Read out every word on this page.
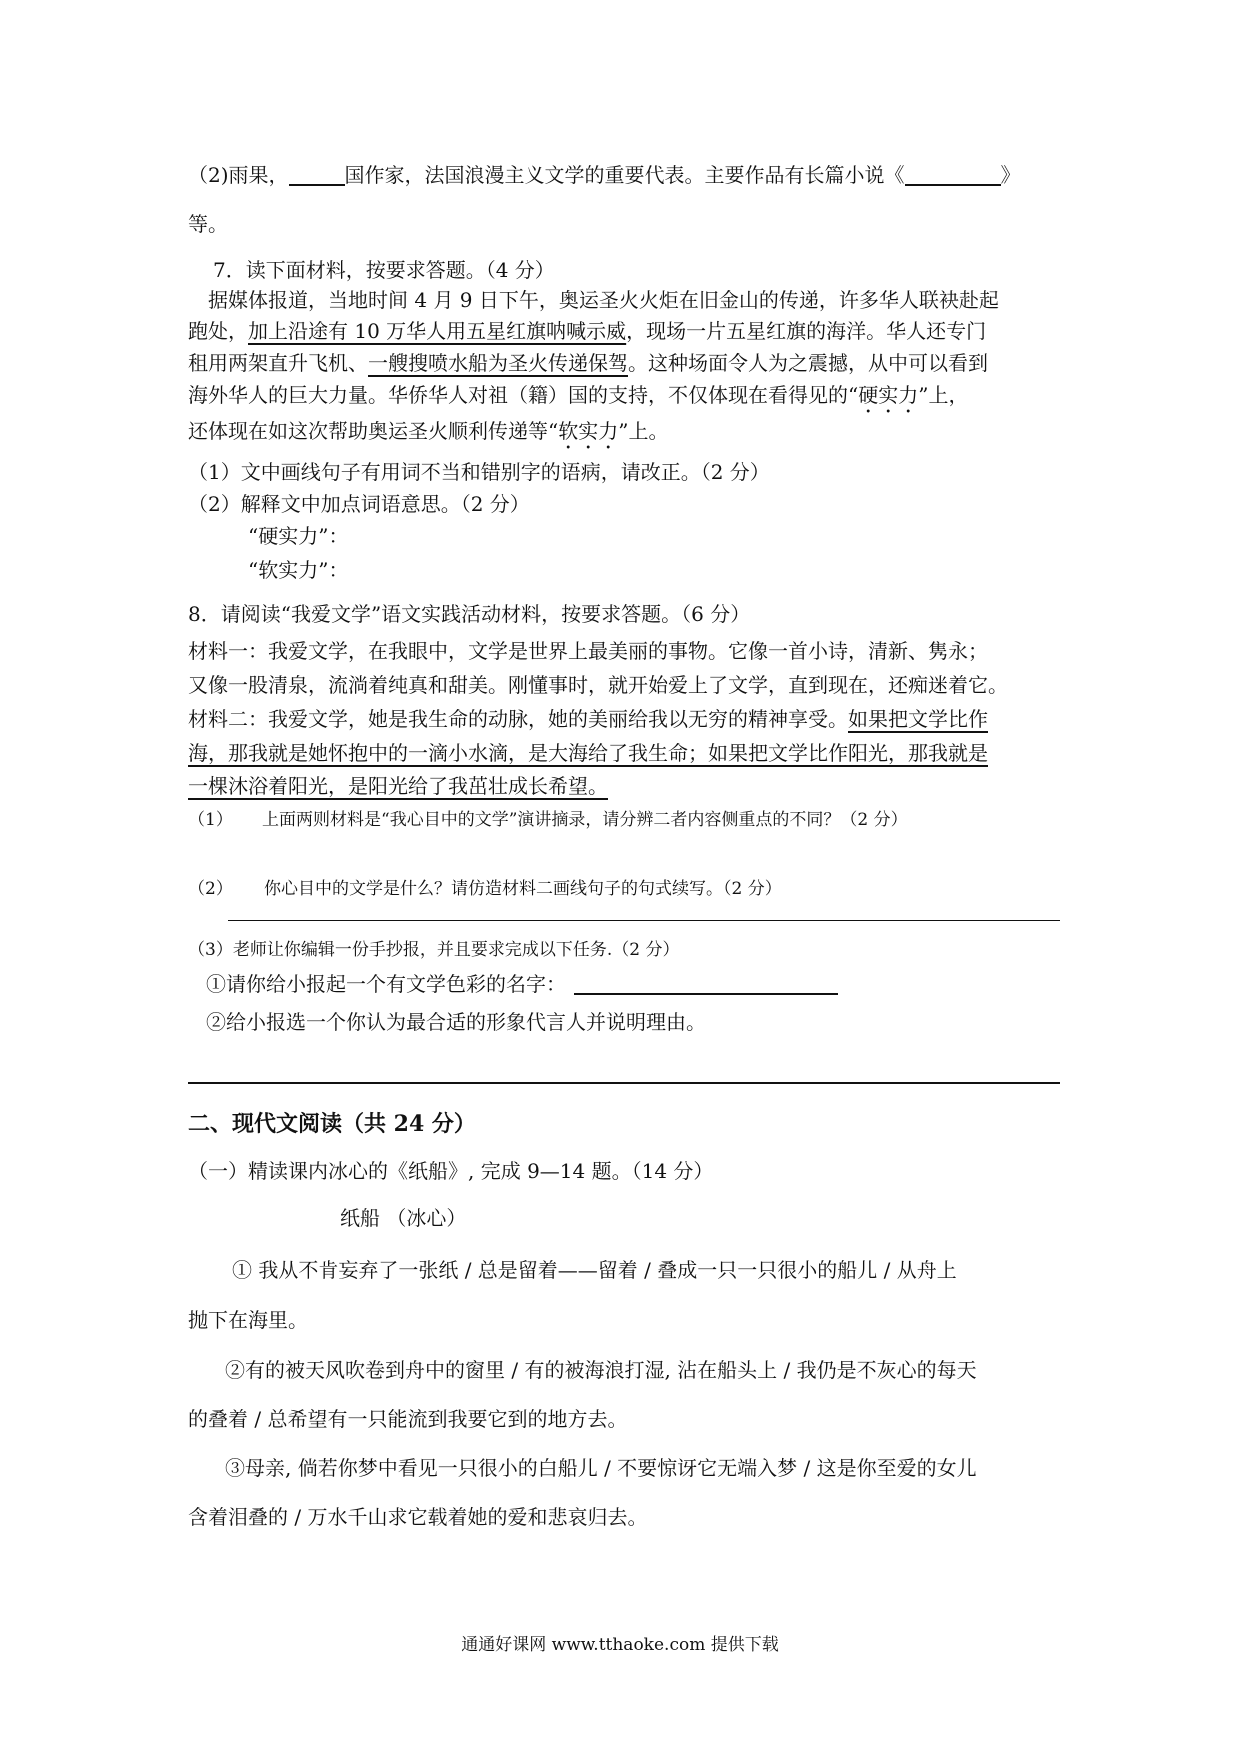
（2)雨果，	国作家，法国浪漫主义文学的重要代表。主要作品有长篇小说《	》
等。
7．读下面材料，按要求答题。（4 分）
据媒体报道，当地时间 4 月 9 日下午，奥运圣火火炬在旧金山的传递，许多华人联袂赴起
跑处，加上沿途有 10 万华人用五星红旗呐喊示威，现场一片五星红旗的海洋。华人还专门
租用两架直升飞机、一艘搜喷水船为圣火传递保驾。这种场面令人为之震撼，从中可以看到
海外华人的巨大力量。华侨华人对祖（籍）国的支持，不仅体现在看得见的“硬实力”上，
还体现在如这次帮助奥运圣火顺利传递等“软实力”上。
（1）文中画线句子有用词不当和错别字的语病，请改正。（2 分）
（2）解释文中加点词语意思。（2 分）
“硬实力”：
“软实力”：
8．请阅读“我爱文学”语文实践活动材料，按要求答题。（6 分）
材料一：我爱文学，在我眼中，文学是世界上最美丽的事物。它像一首小诗，清新、隽永；
又像一股清泉，流淌着纯真和甜美。刚懂事时，就开始爱上了文学，直到现在，还痴迷着它。
材料二：我爱文学，她是我生命的动脉，她的美丽给我以无穷的精神享受。如果把文学比作
海，那我就是她怀抱中的一滴小水滴，是大海给了我生命；如果把文学比作阳光，那我就是
一棵沐浴着阳光，是阳光给了我茁壮成长希望。
（1） 上面两则材料是“我心目中的文学”演讲摘录，请分辨二者内容侧重点的不同？（2 分）
（2） 你心目中的文学是什么？请仿造材料二画线句子的句式续写。（2 分）
（3）老师让你编辑一份手抄报，并且要求完成以下任务.（2 分）
①请你给小报起一个有文学色彩的名字：
②给小报选一个你认为最合适的形象代言人并说明理由。
二、现代文阅读（共 24 分）
（一）精读课内冰心的《纸船》, 完成 9—14 题。（14 分）
纸船 （冰心）
① 我从不肯妄弃了一张纸 / 总是留着——留着 / 叠成一只一只很小的船儿 / 从舟上
抛下在海里。
②有的被天风吹卷到舟中的窗里 / 有的被海浪打湿, 沾在船头上 / 我仍是不灰心的每天
的叠着 / 总希望有一只能流到我要它到的地方去。
③母亲, 倘若你梦中看见一只很小的白船儿 / 不要惊讶它无端入梦 / 这是你至爱的女儿
含着泪叠的 / 万水千山求它载着她的爱和悲哀归去。
通通好课网 www.tthaoke.com 提供下载
